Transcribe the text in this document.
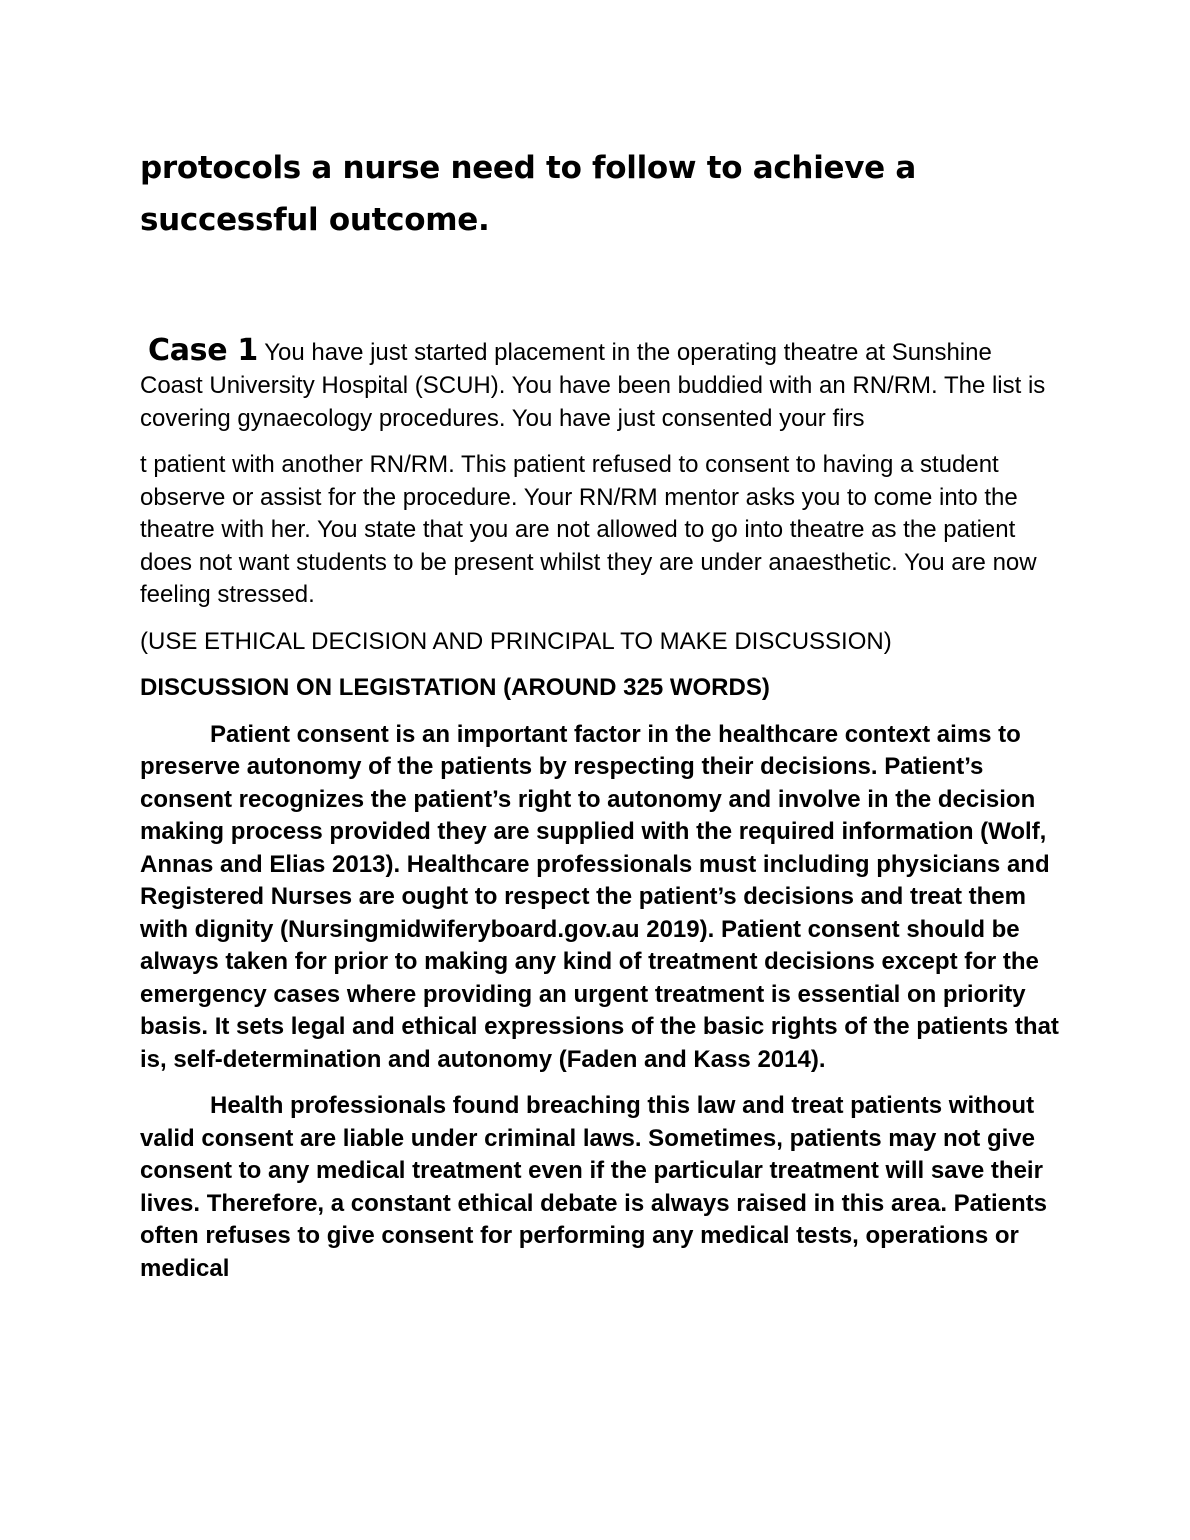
protocols a nurse need to follow to achieve a successful outcome.

Case 1 You have just started placement in the operating theatre at Sunshine Coast University Hospital (SCUH). You have been buddied with an RN/RM. The list is covering gynaecology procedures. You have just consented your firs

t patient with another RN/RM. This patient refused to consent to having a student observe or assist for the procedure. Your RN/RM mentor asks you to come into the theatre with her. You state that you are not allowed to go into theatre as the patient does not want students to be present whilst they are under anaesthetic. You are now feeling stressed.

(USE ETHICAL DECISION AND PRINCIPAL TO MAKE DISCUSSION)

DISCUSSION ON LEGISTATION (AROUND 325 WORDS)

Patient consent is an important factor in the healthcare context aims to preserve autonomy of the patients by respecting their decisions. Patient’s consent recognizes the patient’s right to autonomy and involve in the decision making process provided they are supplied with the required information (Wolf, Annas and Elias 2013). Healthcare professionals must including physicians and Registered Nurses are ought to respect the patient’s decisions and treat them with dignity (Nursingmidwiferyboard.gov.au 2019). Patient consent should be always taken for prior to making any kind of treatment decisions except for the emergency cases where providing an urgent treatment is essential on priority basis. It sets legal and ethical expressions of the basic rights of the patients that is, self-determination and autonomy (Faden and Kass 2014).

Health professionals found breaching this law and treat patients without valid consent are liable under criminal laws. Sometimes, patients may not give consent to any medical treatment even if the particular treatment will save their lives. Therefore, a constant ethical debate is always raised in this area. Patients often refuses to give consent for performing any medical tests, operations or medical
